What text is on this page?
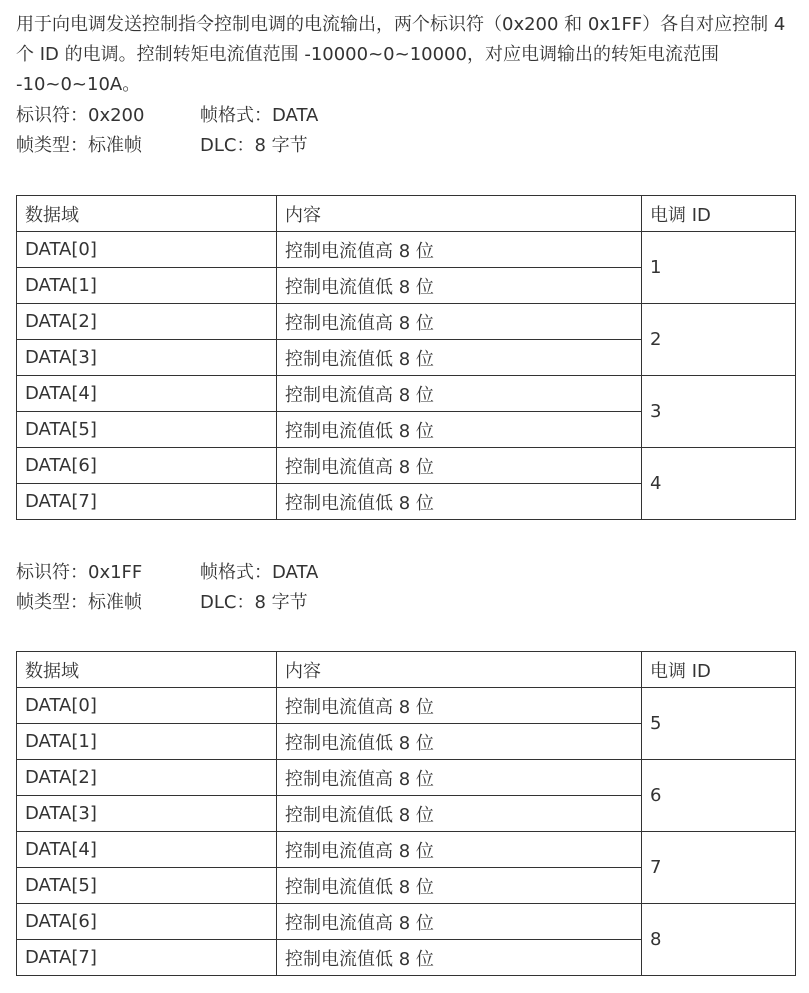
用于向电调发送控制指令控制电调的电流输出，两个标识符（0x200 和 0x1FF）各自对应控制 4 个 ID 的电调。控制转矩电流值范围 -10000~0~10000，对应电调输出的转矩电流范围 -10~0~10A。

标识符：0x200	帧格式：DATA
帧类型：标准帧	DLC：8 字节
数据域	内容	电调 ID
DATA[0]	控制电流值高 8 位	1
DATA[1]	控制电流值低 8 位	
DATA[2]	控制电流值高 8 位	2
DATA[3]	控制电流值低 8 位	
DATA[4]	控制电流值高 8 位	3
DATA[5]	控制电流值低 8 位	
DATA[6]	控制电流值高 8 位	4
DATA[7]	控制电流值低 8 位	
标识符：0x1FF	帧格式：DATA
帧类型：标准帧	DLC：8 字节
数据域	内容	电调 ID
DATA[0]	控制电流值高 8 位	5
DATA[1]	控制电流值低 8 位	
DATA[2]	控制电流值高 8 位	6
DATA[3]	控制电流值低 8 位	
DATA[4]	控制电流值高 8 位	7
DATA[5]	控制电流值低 8 位	
DATA[6]	控制电流值高 8 位	8
DATA[7]	控制电流值低 8 位	
